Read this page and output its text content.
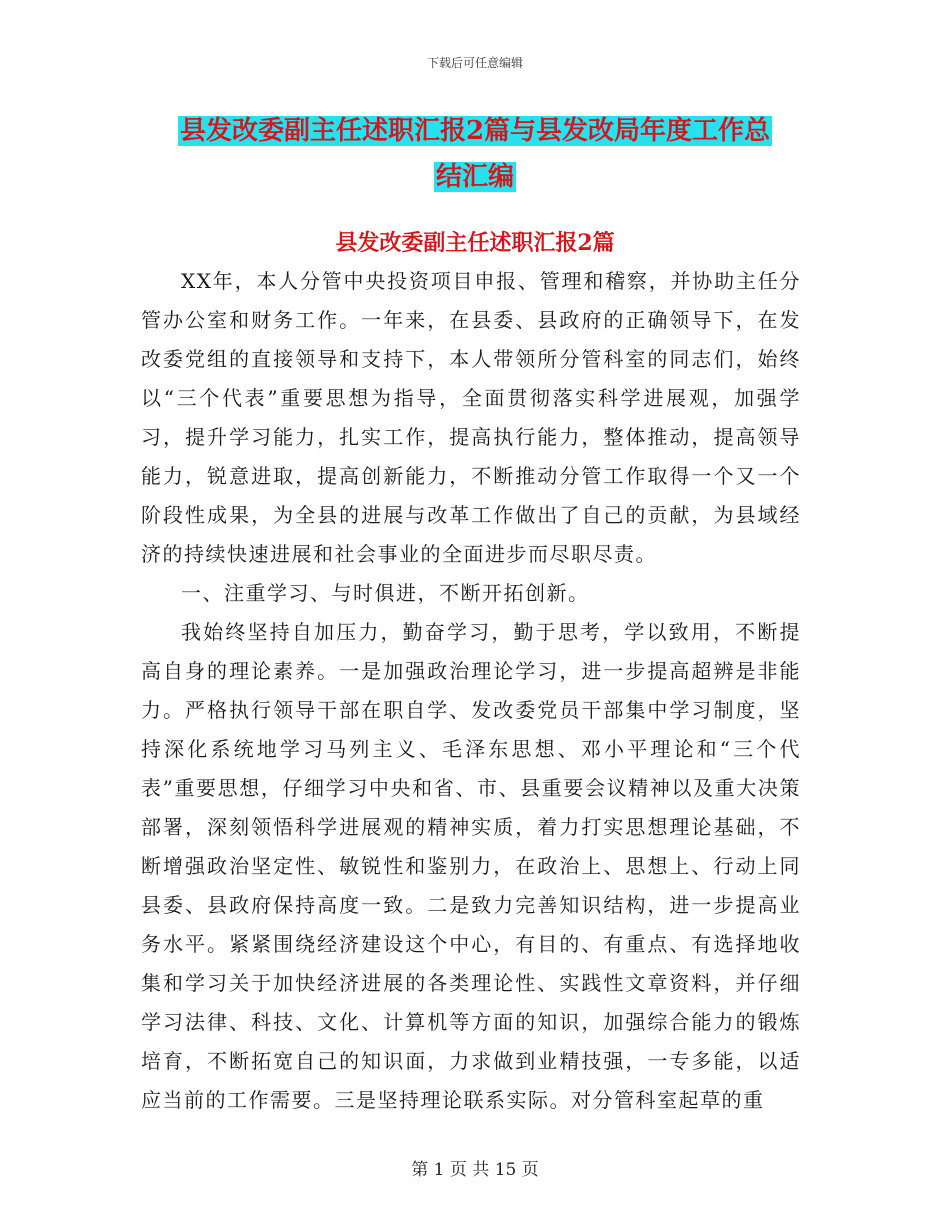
下载后可任意编辑
县发改委副主任述职汇报2篇与县发改局年度工作总
结汇编
县发改委副主任述职汇报2篇

XX年，本人分管中央投资项目申报、管理和稽察，并协助主任分管办公室和财务工作。一年来，在县委、县政府的正确领导下，在发改委党组的直接领导和支持下，本人带领所分管科室的同志们，始终以“三个代表”重要思想为指导，全面贯彻落实科学进展观，加强学习，提升学习能力，扎实工作，提高执行能力，整体推动，提高领导能力，锐意进取，提高创新能力，不断推动分管工作取得一个又一个阶段性成果，为全县的进展与改革工作做出了自己的贡献，为县域经济的持续快速进展和社会事业的全面进步而尽职尽责。

一、注重学习、与时俱进，不断开拓创新。

我始终坚持自加压力，勤奋学习，勤于思考，学以致用，不断提高自身的理论素养。一是加强政治理论学习，进一步提高超辨是非能力。严格执行领导干部在职自学、发改委党员干部集中学习制度，坚持深化系统地学习马列主义、毛泽东思想、邓小平理论和“三个代表”重要思想，仔细学习中央和省、市、县重要会议精神以及重大决策部署，深刻领悟科学进展观的精神实质，着力打实思想理论基础，不断增强政治坚定性、敏锐性和鉴别力，在政治上、思想上、行动上同县委、县政府保持高度一致。二是致力完善知识结构，进一步提高业务水平。紧紧围绕经济建设这个中心，有目的、有重点、有选择地收集和学习关于加快经济进展的各类理论性、实践性文章资料，并仔细学习法律、科技、文化、计算机等方面的知识，加强综合能力的锻炼培育，不断拓宽自己的知识面，力求做到业精技强，一专多能，以适应当前的工作需要。三是坚持理论联系实际。对分管科室起草的重

第 1 页 共 15 页
